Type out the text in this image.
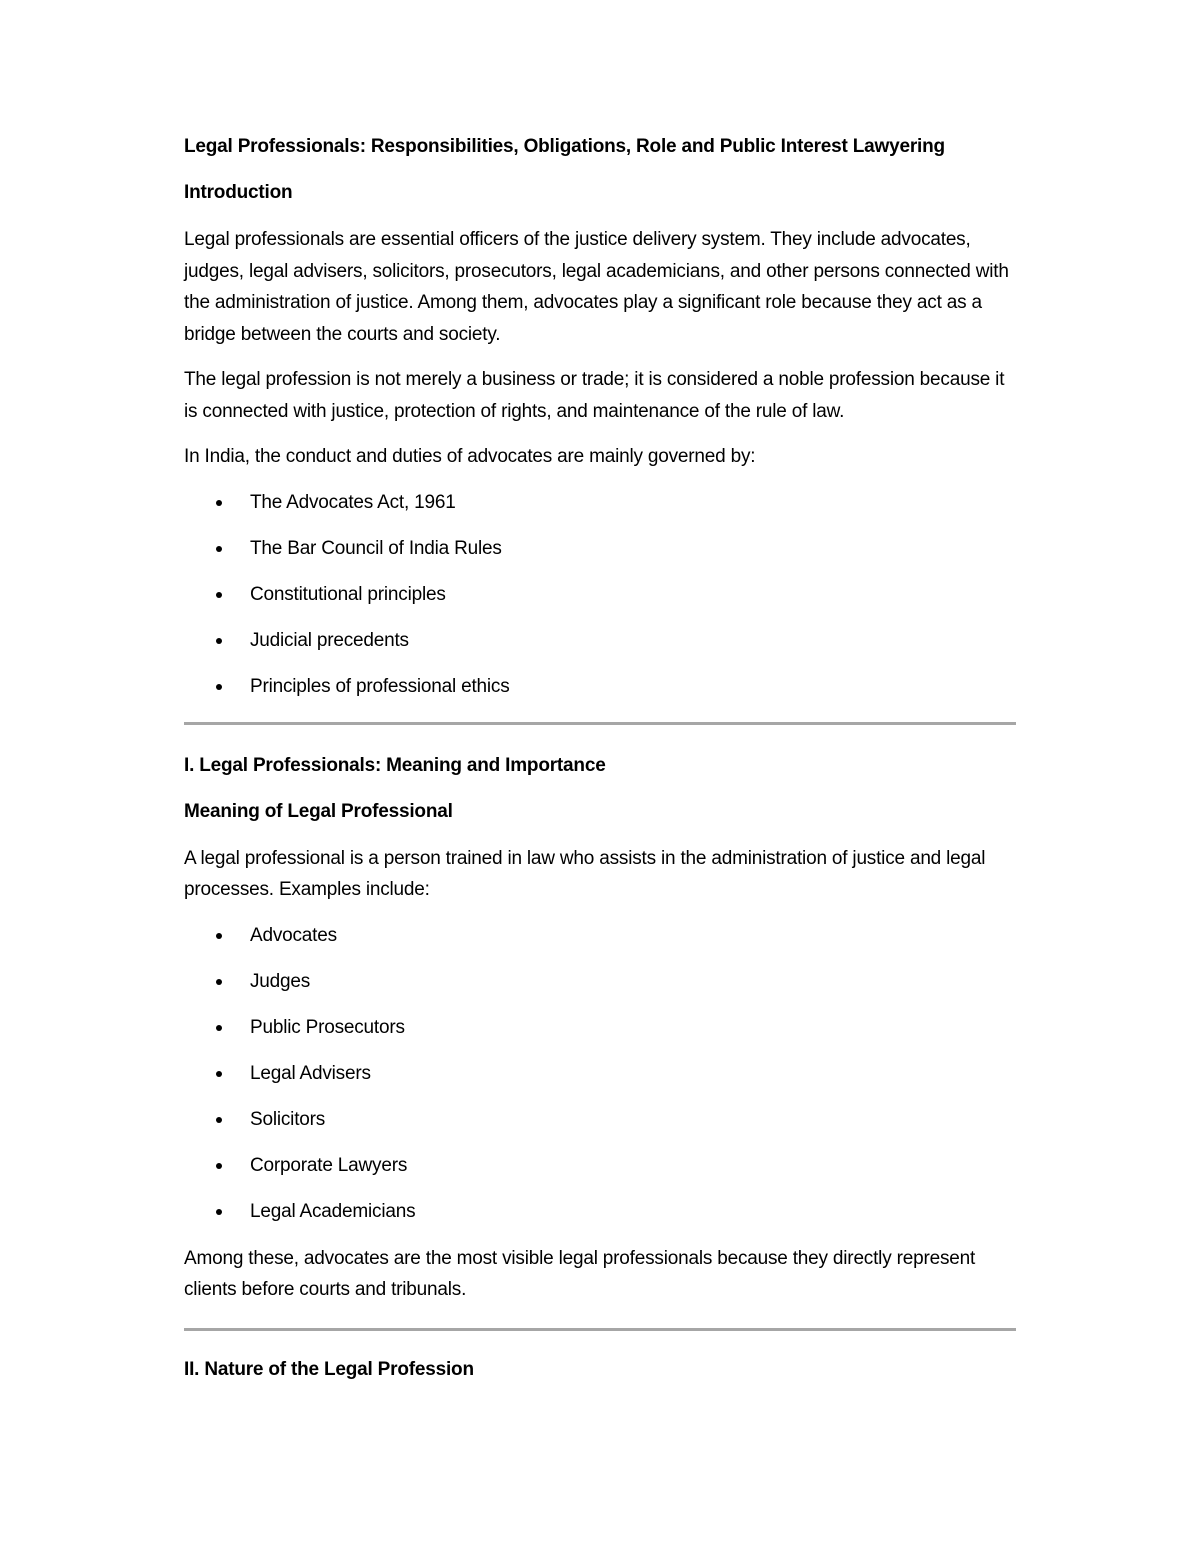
Legal Professionals: Responsibilities, Obligations, Role and Public Interest Lawyering
Introduction

Legal professionals are essential officers of the justice delivery system. They include advocates, judges, legal advisers, solicitors, prosecutors, legal academicians, and other persons connected with the administration of justice. Among them, advocates play a significant role because they act as a bridge between the courts and society.

The legal profession is not merely a business or trade; it is considered a noble profession because it is connected with justice, protection of rights, and maintenance of the rule of law.

In India, the conduct and duties of advocates are mainly governed by:

The Advocates Act, 1961
The Bar Council of India Rules
Constitutional principles
Judicial precedents
Principles of professional ethics
I. Legal Professionals: Meaning and Importance
Meaning of Legal Professional

A legal professional is a person trained in law who assists in the administration of justice and legal processes. Examples include:

Advocates
Judges
Public Prosecutors
Legal Advisers
Solicitors
Corporate Lawyers
Legal Academicians

Among these, advocates are the most visible legal professionals because they directly represent clients before courts and tribunals.

II. Nature of the Legal Profession
